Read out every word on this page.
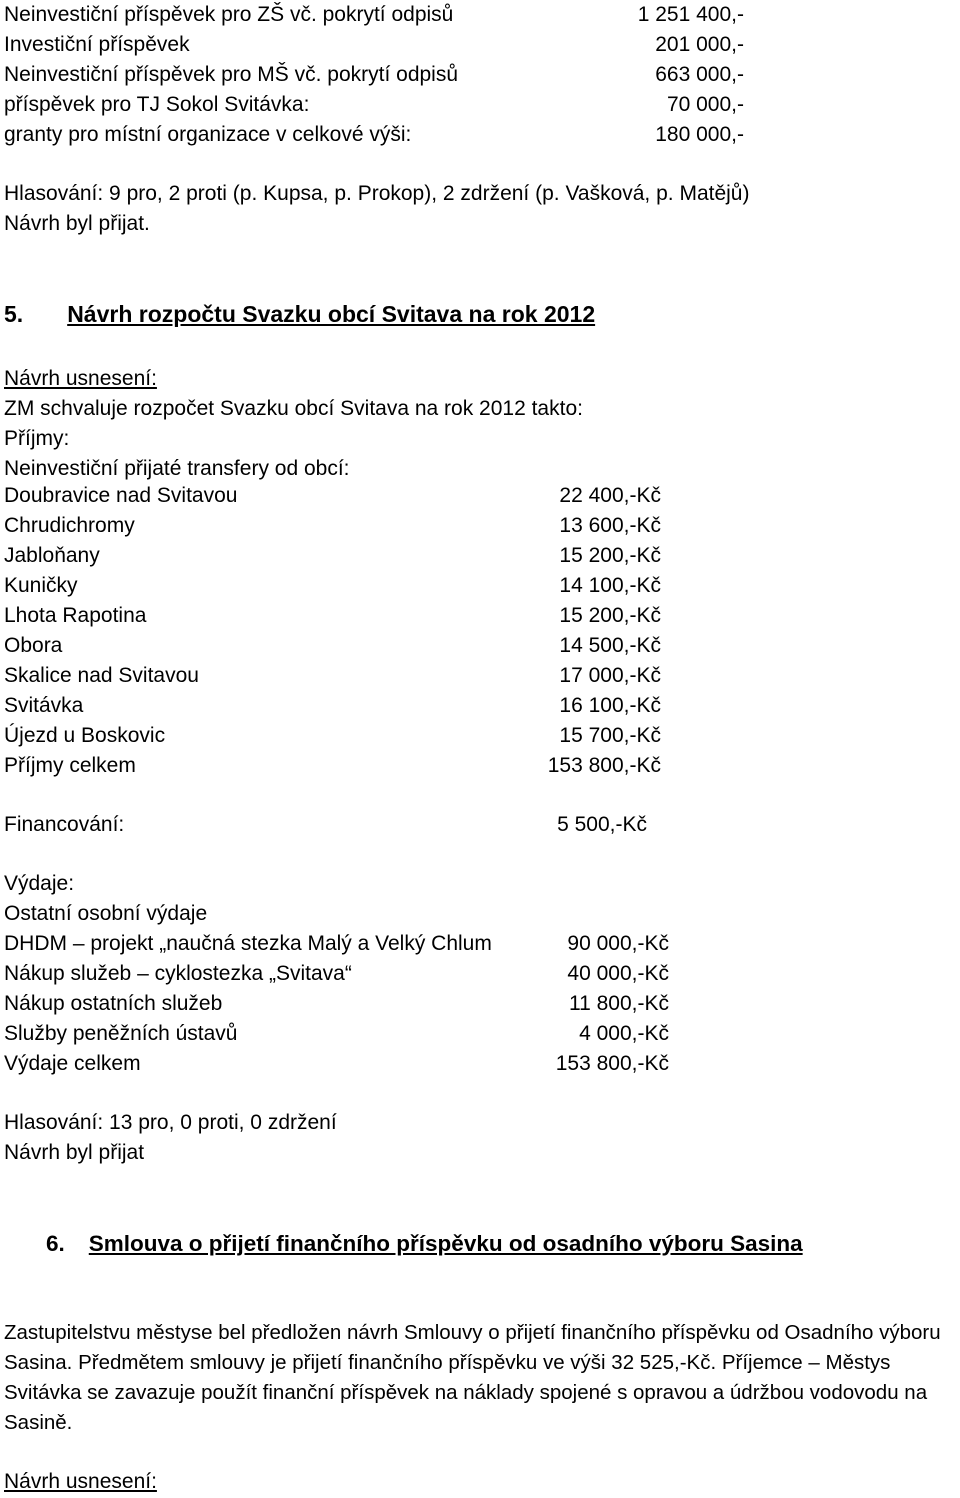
Neinvestiční příspěvek pro ZŠ vč. pokrytí odpisů	1 251 400,-
Investiční příspěvek	201 000,-
Neinvestiční příspěvek pro MŠ vč. pokrytí odpisů	663 000,-
příspěvek pro TJ Sokol Svitávka:	70 000,-
granty pro místní organizace v celkové výši:	180 000,-
Hlasování: 9 pro, 2 proti (p. Kupsa, p. Prokop), 2 zdržení (p. Vašková, p. Matějů)
Návrh byl přijat.
5. Návrh rozpočtu Svazku obcí Svitava na rok 2012
Návrh usnesení:
ZM schvaluje rozpočet Svazku obcí Svitava na rok 2012 takto:
Příjmy:
Neinvestiční přijaté transfery od obcí:
Doubravice nad Svitavou	22 400,-Kč
Chrudichromy	13 600,-Kč
Jabloňany	15 200,-Kč
Kuničky	14 100,-Kč
Lhota Rapotina	15 200,-Kč
Obora	14 500,-Kč
Skalice nad Svitavou	17 000,-Kč
Svitávka	16 100,-Kč
Újezd u Boskovic	15 700,-Kč
Příjmy celkem	153 800,-Kč
Financování:	5 500,-Kč
Výdaje:
Ostatní osobní výdaje
DHDM – projekt „naučná stezka Malý a Velký Chlum	90 000,-Kč
Nákup služeb – cyklostezka „Svitava“	40 000,-Kč
Nákup ostatních služeb	11 800,-Kč
Služby peněžních ústavů	4 000,-Kč
Výdaje celkem	153 800,-Kč
Hlasování: 13 pro, 0 proti, 0 zdržení
Návrh byl přijat
6. Smlouva o přijetí finančního příspěvku od osadního výboru Sasina
Zastupitelstvu městyse bel předložen návrh Smlouvy o přijetí finančního příspěvku od Osadního výboru Sasina. Předmětem smlouvy je přijetí finančního příspěvku ve výši 32 525,-Kč. Příjemce – Městys Svitávka se zavazuje použít finanční příspěvek na náklady spojené s opravou a údržbou vodovodu na Sasině.
Návrh usnesení:
